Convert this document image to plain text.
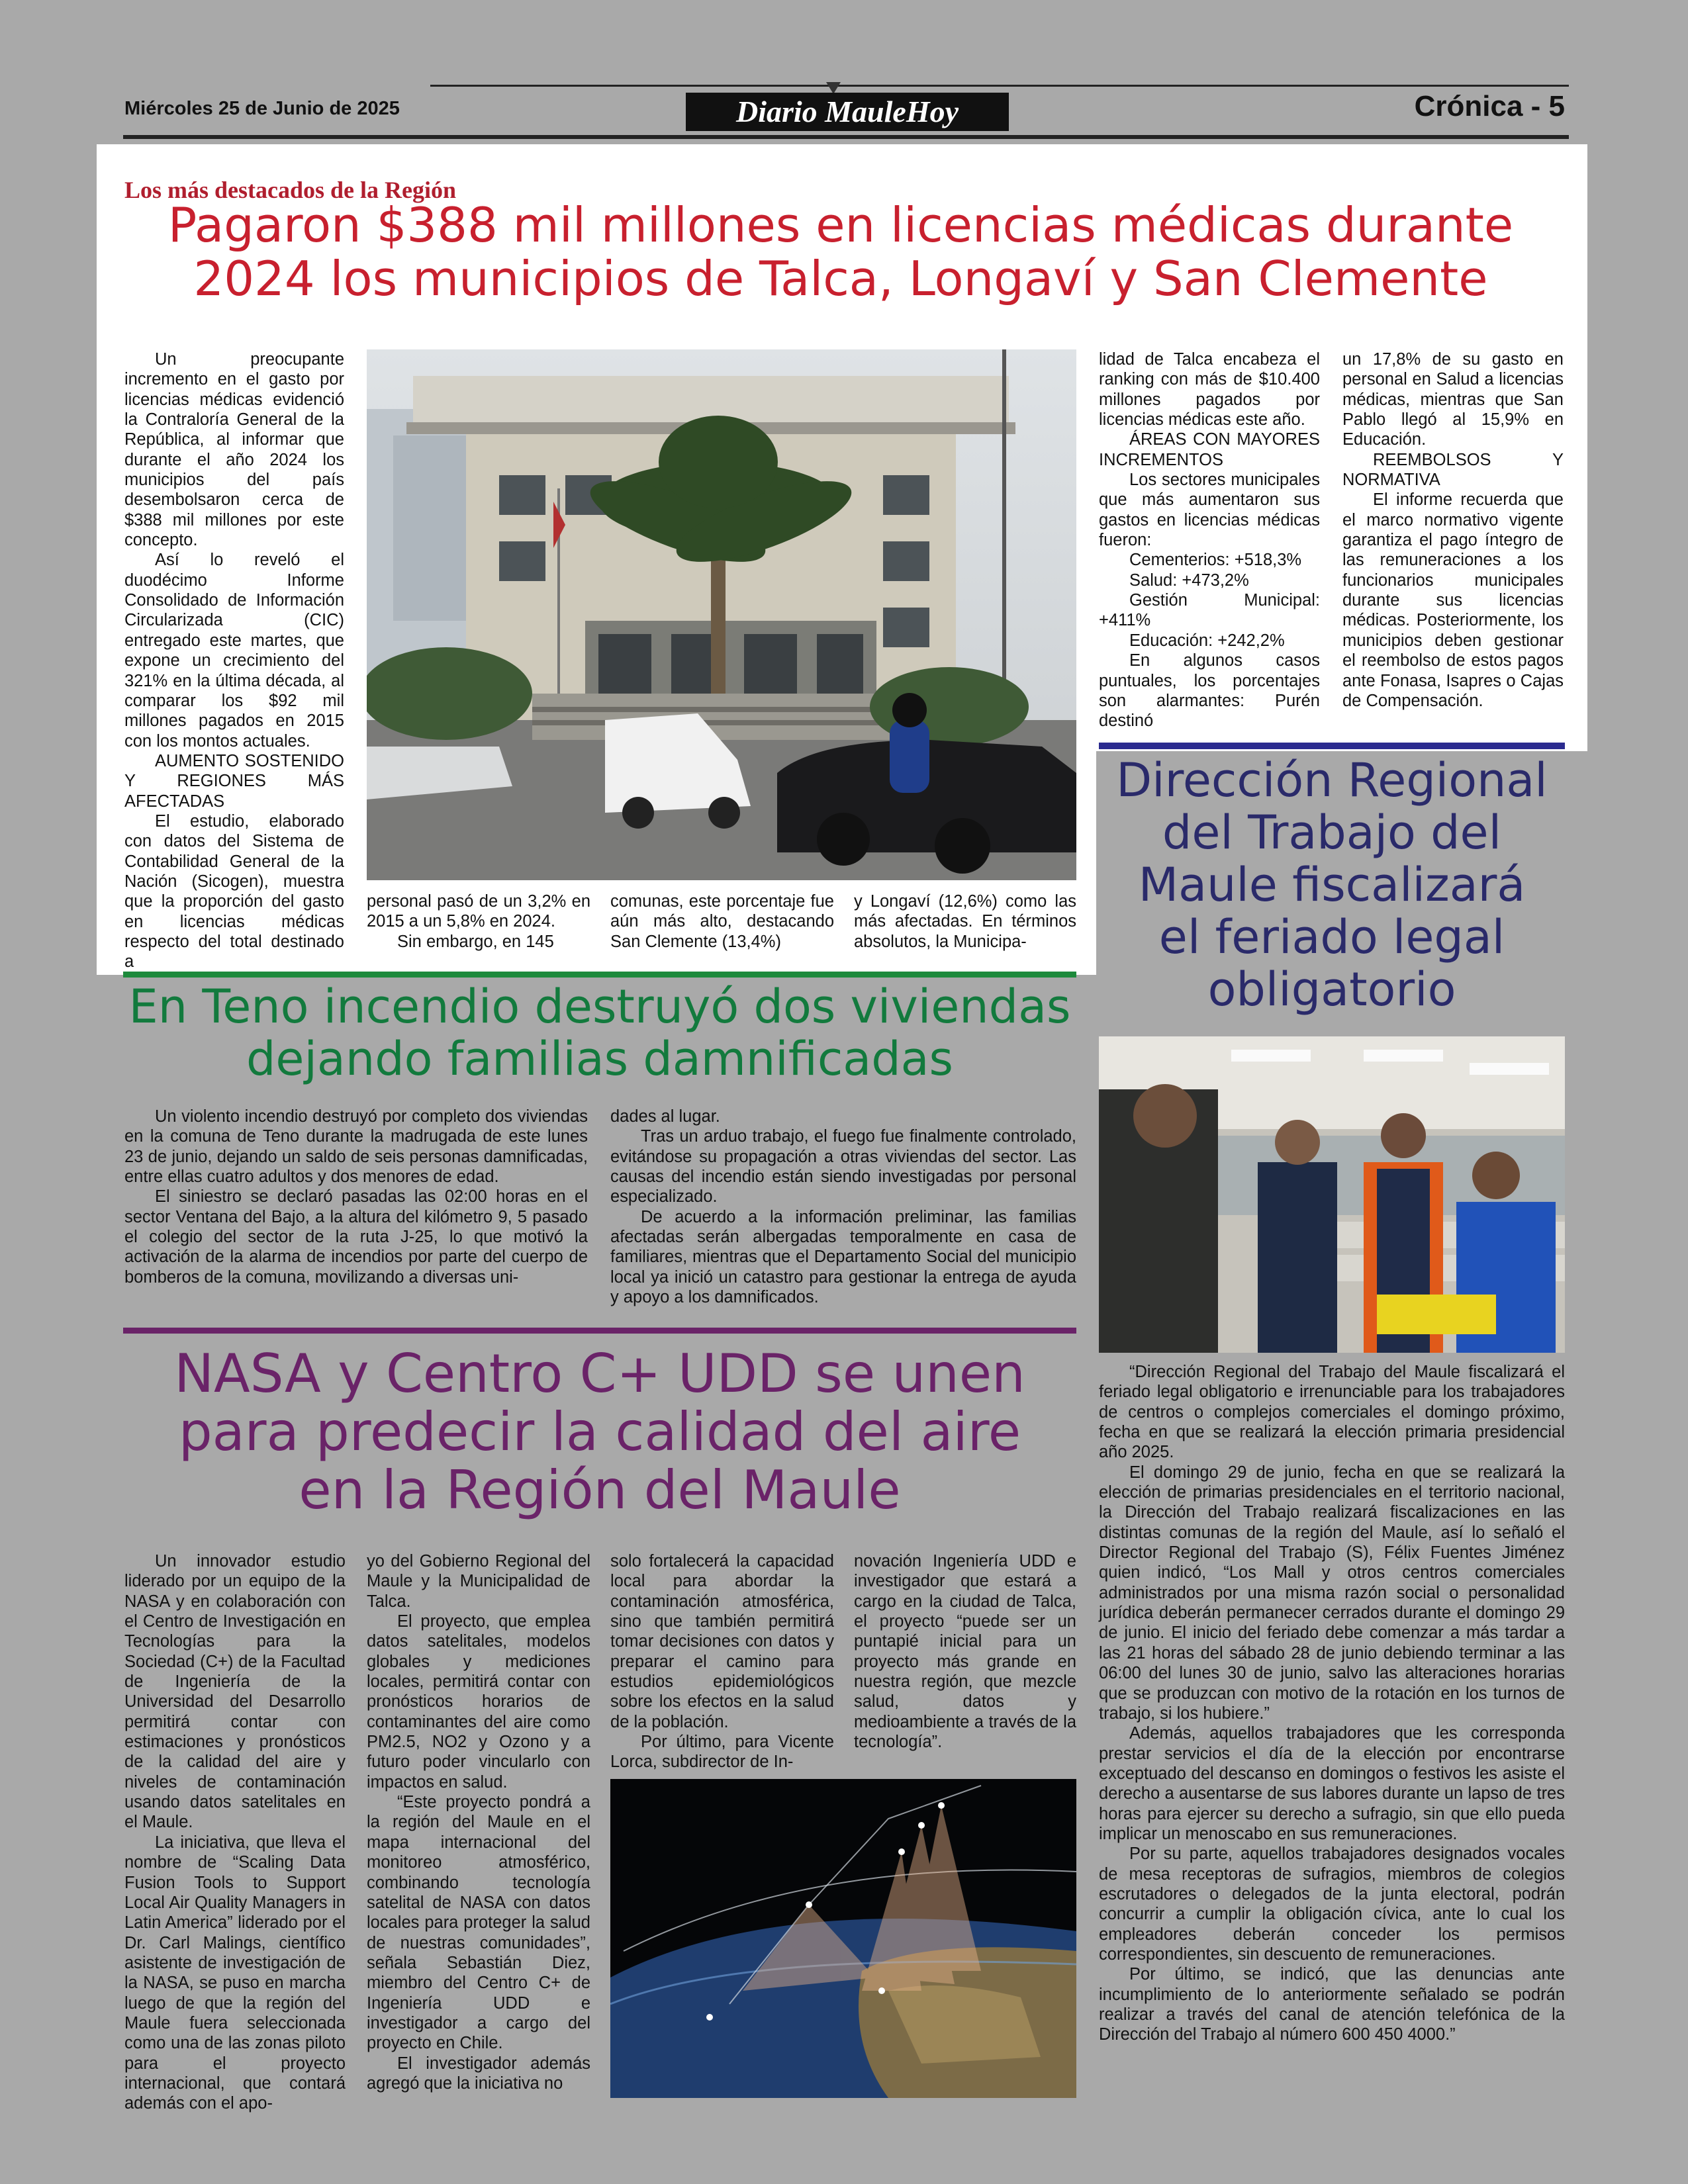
Miércoles 25 de Junio de 2025	Diario MauleHoy	Crónica - 5
Los más destacados de la Región
Pagaron $388 mil millones en licencias médicas durante
2024 los municipios de Talca, Longaví y San Clemente

Un preocupante incremento en el gasto por licencias médicas evidenció la Contraloría General de la República, al informar que durante el año 2024 los municipios del país desembolsaron cerca de $388 mil millones por este concepto.

Así lo reveló el duodécimo Informe Consolidado de Información Circularizada (CIC) entregado este martes, que expone un crecimiento del 321% en la última década, al comparar los $92 mil millones pagados en 2015 con los montos actuales.

AUMENTO SOSTENIDO Y REGIONES MÁS AFECTADAS

El estudio, elaborado con datos del Sistema de Contabilidad General de la Nación (Sicogen), muestra que la proporción del gasto en licencias médicas respecto del total destinado a

personal pasó de un 3,2% en 2015 a un 5,8% en 2024.

Sin embargo, en 145

comunas, este porcentaje fue aún más alto, destacando San Clemente (13,4%)

y Longaví (12,6%) como las más afectadas. En términos absolutos, la Municipa-

lidad de Talca encabeza el ranking con más de $10.400 millones pagados por licencias médicas este año.

ÁREAS CON MAYORES INCREMENTOS

Los sectores municipales que más aumentaron sus gastos en licencias médicas fueron:

Cementerios: +518,3%

Salud: +473,2%

Gestión Municipal: +411%

Educación: +242,2%

En algunos casos puntuales, los porcentajes son alarmantes: Purén destinó

un 17,8% de su gasto en personal en Salud a licencias médicas, mientras que San Pablo llegó al 15,9% en Educación.

REEMBOLSOS Y NORMATIVA

El informe recuerda que el marco normativo vigente garantiza el pago íntegro de las remuneraciones a los funcionarios municipales durante sus licencias médicas. Posteriormente, los municipios deben gestionar el reembolso de estos pagos ante Fonasa, Isapres o Cajas de Compensación.

Dirección Regional
del Trabajo del
Maule fiscalizará
el feriado legal
obligatorio

“Dirección Regional del Trabajo del Maule fiscalizará el feriado legal obligatorio e irrenunciable para los trabajadores de centros o complejos comerciales el domingo próximo, fecha en que se realizará la elección primaria presidencial año 2025.

El domingo 29 de junio, fecha en que se realizará la elección de primarias presidenciales en el territorio nacional, la Dirección del Trabajo realizará fiscalizaciones en las distintas comunas de la región del Maule, así lo señaló el Director Regional del Trabajo (S), Félix Fuentes Jiménez quien indicó, “Los Mall y otros centros comerciales administrados por una misma razón social o personalidad jurídica deberán permanecer cerrados durante el domingo 29 de junio. El inicio del feriado debe comenzar a más tardar a las 21 horas del sábado 28 de junio debiendo terminar a las 06:00 del lunes 30 de junio, salvo las alteraciones horarias que se produzcan con motivo de la rotación en los turnos de trabajo, si los hubiere.”

Además, aquellos trabajadores que les corresponda prestar servicios el día de la elección por encontrarse exceptuado del descanso en domingos o festivos les asiste el derecho a ausentarse de sus labores durante un lapso de tres horas para ejercer su derecho a sufragio, sin que ello pueda implicar un menoscabo en sus remuneraciones.

Por su parte, aquellos trabajadores designados vocales de mesa receptoras de sufragios, miembros de colegios escrutadores o delegados de la junta electoral, podrán concurrir a cumplir la obligación cívica, ante lo cual los empleadores deberán conceder los permisos correspondientes, sin descuento de remuneraciones.

Por último, se indicó, que las denuncias ante incumplimiento de lo anteriormente señalado se podrán realizar a través del canal de atención telefónica de la Dirección del Trabajo al número 600 450 4000.”

En Teno incendio destruyó dos viviendas
dejando familias damnificadas

Un violento incendio destruyó por completo dos viviendas en la comuna de Teno durante la madrugada de este lunes 23 de junio, dejando un saldo de seis personas damnificadas, entre ellas cuatro adultos y dos menores de edad.

El siniestro se declaró pasadas las 02:00 horas en el sector Ventana del Bajo, a la altura del kilómetro 9, 5 pasado el colegio del sector de la ruta J-25, lo que motivó la activación de la alarma de incendios por parte del cuerpo de bomberos de la comuna, movilizando a diversas uni-

dades al lugar.

Tras un arduo trabajo, el fuego fue finalmente controlado, evitándose su propagación a otras viviendas del sector. Las causas del incendio están siendo investigadas por personal especializado.

De acuerdo a la información preliminar, las familias afectadas serán albergadas temporalmente en casa de familiares, mientras que el Departamento Social del municipio local ya inició un catastro para gestionar la entrega de ayuda y apoyo a los damnificados.

NASA y Centro C+ UDD se unen
para predecir la calidad del aire
en la Región del Maule

Un innovador estudio liderado por un equipo de la NASA y en colaboración con el Centro de Investigación en Tecnologías para la Sociedad (C+) de la Facultad de Ingeniería de la Universidad del Desarrollo permitirá contar con estimaciones y pronósticos de la calidad del aire y niveles de contaminación usando datos satelitales en el Maule.

La iniciativa, que lleva el nombre de “Scaling Data Fusion Tools to Support Local Air Quality Managers in Latin America” liderado por el Dr. Carl Malings, científico asistente de investigación de la NASA, se puso en marcha luego de que la región del Maule fuera seleccionada como una de las zonas piloto para el proyecto internacional, que contará además con el apo-

yo del Gobierno Regional del Maule y la Municipalidad de Talca.

El proyecto, que emplea datos satelitales, modelos globales y mediciones locales, permitirá contar con pronósticos horarios de contaminantes del aire como PM2.5, NO2 y Ozono y a futuro poder vincularlo con impactos en salud.

“Este proyecto pondrá a la región del Maule en el mapa internacional del monitoreo atmosférico, combinando tecnología satelital de NASA con datos locales para proteger la salud de nuestras comunidades”, señala Sebastián Diez, miembro del Centro C+ de Ingeniería UDD e investigador a cargo del proyecto en Chile.

El investigador además agregó que la iniciativa no

solo fortalecerá la capacidad local para abordar la contaminación atmosférica, sino que también permitirá tomar decisiones con datos y preparar el camino para estudios epidemiológicos sobre los efectos en la salud de la población.

Por último, para Vicente Lorca, subdirector de In-

novación Ingeniería UDD e investigador que estará a cargo en la ciudad de Talca, el proyecto “puede ser un puntapié inicial para un proyecto más grande en nuestra región, que mezcle salud, datos y medioambiente a través de la tecnología”.
